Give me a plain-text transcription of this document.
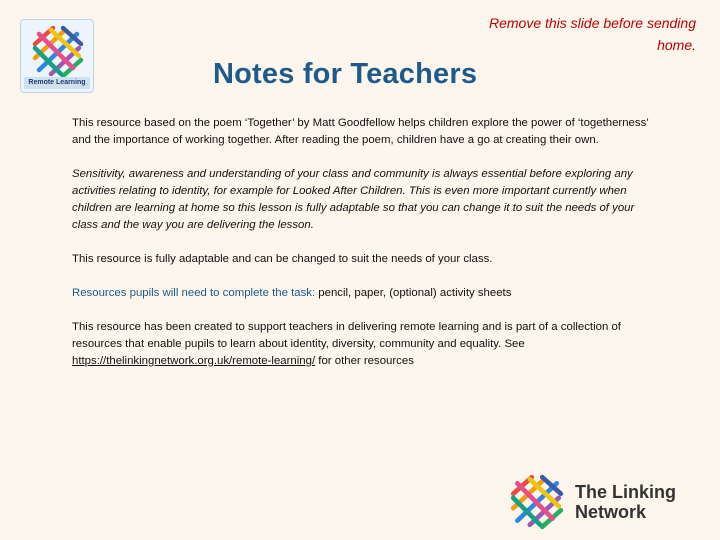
Remote Learning
Remove this slide before sending home.
Notes for Teachers

This resource based on the poem ‘Together’ by Matt Goodfellow helps children explore the power of ‘togetherness’ and the importance of working together. After reading the poem, children have a go at creating their own.

Sensitivity, awareness and understanding of your class and community is always essential before exploring any activities relating to identity, for example for Looked After Children. This is even more important currently when children are learning at home so this lesson is fully adaptable so that you can change it to suit the needs of your class and the way you are delivering the lesson.

This resource is fully adaptable and can be changed to suit the needs of your class.

Resources pupils will need to complete the task: pencil, paper, (optional) activity sheets

This resource has been created to support teachers in delivering remote learning and is part of a collection of resources that enable pupils to learn about identity, diversity, community and equality. See https://thelinkingnetwork.org.uk/remote-learning/ for other resources

The Linking
Network
